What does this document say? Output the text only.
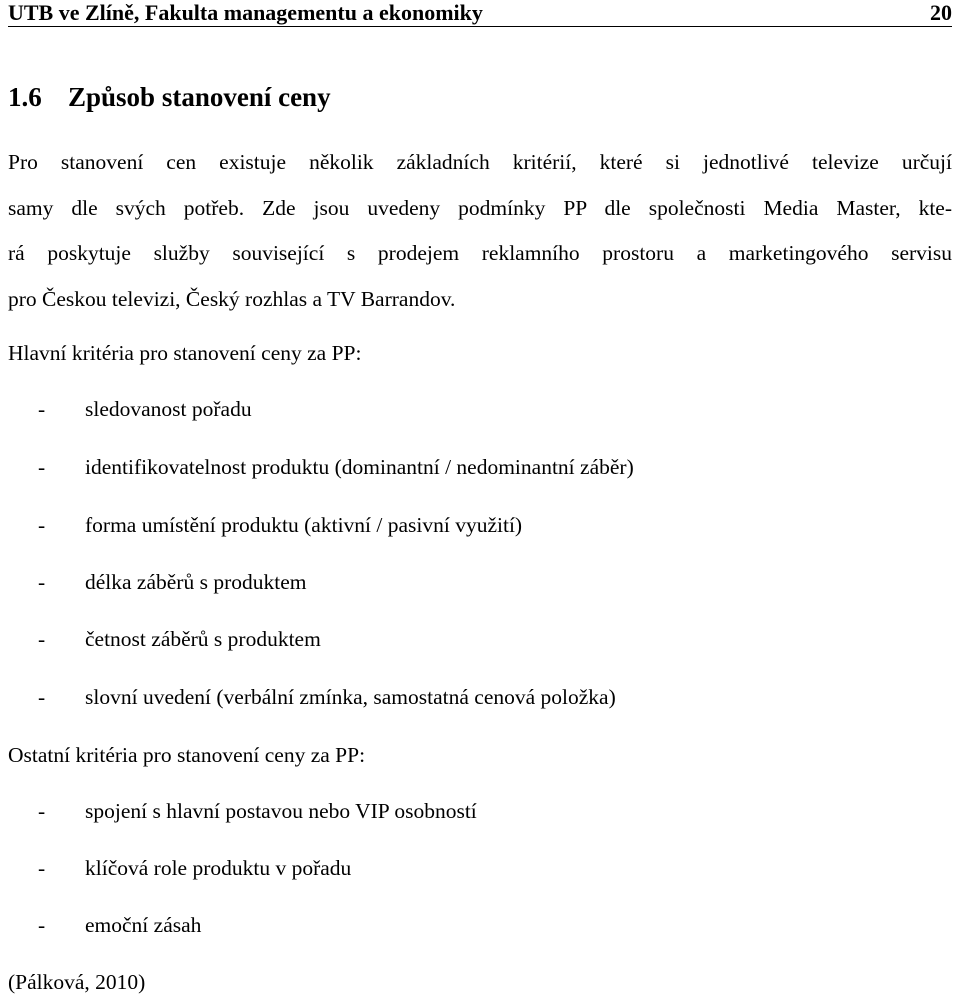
UTB ve Zlíně, Fakulta managementu a ekonomiky	20
1.6 Způsob stanovení ceny
Pro stanovení cen existuje několik základních kritérií, které si jednotlivé televize určují
samy dle svých potřeb. Zde jsou uvedeny podmínky PP dle společnosti Media Master, kte-
rá poskytuje služby související s prodejem reklamního prostoru a marketingového servisu
pro Českou televizi, Český rozhlas a TV Barrandov.
Hlavní kritéria pro stanovení ceny za PP:
- sledovanost pořadu
- identifikovatelnost produktu (dominantní / nedominantní záběr)
- forma umístění produktu (aktivní / pasivní využití)
- délka záběrů s produktem
- četnost záběrů s produktem
- slovní uvedení (verbální zmínka, samostatná cenová položka)
Ostatní kritéria pro stanovení ceny za PP:
- spojení s hlavní postavou nebo VIP osobností
- klíčová role produktu v pořadu
- emoční zásah
(Pálková, 2010)
